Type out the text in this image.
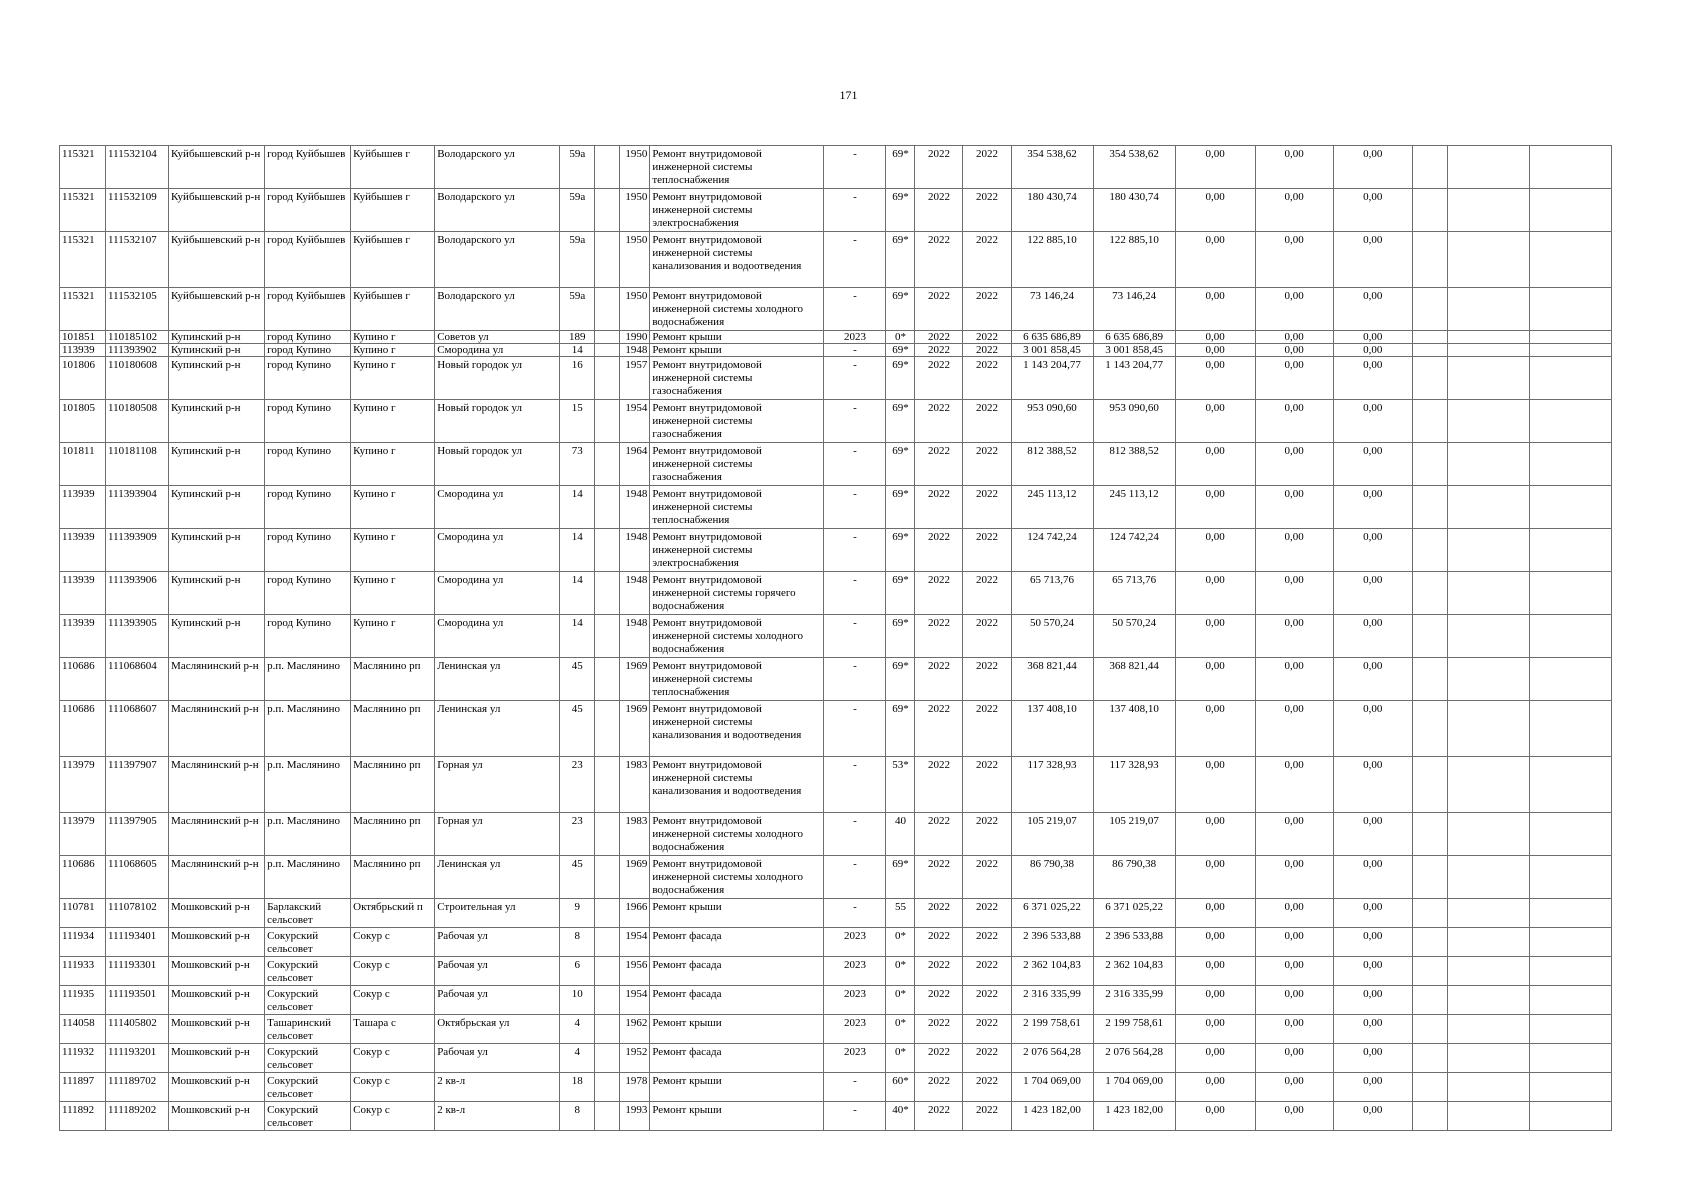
171
115321	111532104	Куйбышевский р-н	город Куйбышев	Куйбышев г	Володарского ул	59а		1950	Ремонт внутридомовой инженерной системы теплоснабжения	-	69*	2022	2022	354 538,62	354 538,62	0,00	0,00	0,00			
115321	111532109	Куйбышевский р-н	город Куйбышев	Куйбышев г	Володарского ул	59а		1950	Ремонт внутридомовой инженерной системы электроснабжения	-	69*	2022	2022	180 430,74	180 430,74	0,00	0,00	0,00			
115321	111532107	Куйбышевский р-н	город Куйбышев	Куйбышев г	Володарского ул	59а		1950	Ремонт внутридомовой инженерной системы канализования и водоотведения	-	69*	2022	2022	122 885,10	122 885,10	0,00	0,00	0,00			
115321	111532105	Куйбышевский р-н	город Куйбышев	Куйбышев г	Володарского ул	59а		1950	Ремонт внутридомовой инженерной системы холодного водоснабжения	-	69*	2022	2022	73 146,24	73 146,24	0,00	0,00	0,00			
101851	110185102	Купинский р-н	город Купино	Купино г	Советов ул	189		1990	Ремонт крыши	2023	0*	2022	2022	6 635 686,89	6 635 686,89	0,00	0,00	0,00			
113939	111393902	Купинский р-н	город Купино	Купино г	Смородина ул	14		1948	Ремонт крыши	-	69*	2022	2022	3 001 858,45	3 001 858,45	0,00	0,00	0,00			
101806	110180608	Купинский р-н	город Купино	Купино г	Новый городок ул	16		1957	Ремонт внутридомовой инженерной системы газоснабжения	-	69*	2022	2022	1 143 204,77	1 143 204,77	0,00	0,00	0,00			
101805	110180508	Купинский р-н	город Купино	Купино г	Новый городок ул	15		1954	Ремонт внутридомовой инженерной системы газоснабжения	-	69*	2022	2022	953 090,60	953 090,60	0,00	0,00	0,00			
101811	110181108	Купинский р-н	город Купино	Купино г	Новый городок ул	73		1964	Ремонт внутридомовой инженерной системы газоснабжения	-	69*	2022	2022	812 388,52	812 388,52	0,00	0,00	0,00			
113939	111393904	Купинский р-н	город Купино	Купино г	Смородина ул	14		1948	Ремонт внутридомовой инженерной системы теплоснабжения	-	69*	2022	2022	245 113,12	245 113,12	0,00	0,00	0,00			
113939	111393909	Купинский р-н	город Купино	Купино г	Смородина ул	14		1948	Ремонт внутридомовой инженерной системы электроснабжения	-	69*	2022	2022	124 742,24	124 742,24	0,00	0,00	0,00			
113939	111393906	Купинский р-н	город Купино	Купино г	Смородина ул	14		1948	Ремонт внутридомовой инженерной системы горячего водоснабжения	-	69*	2022	2022	65 713,76	65 713,76	0,00	0,00	0,00			
113939	111393905	Купинский р-н	город Купино	Купино г	Смородина ул	14		1948	Ремонт внутридомовой инженерной системы холодного водоснабжения	-	69*	2022	2022	50 570,24	50 570,24	0,00	0,00	0,00			
110686	111068604	Маслянинский р-н	р.п. Маслянино	Маслянино рп	Ленинская ул	45		1969	Ремонт внутридомовой инженерной системы теплоснабжения	-	69*	2022	2022	368 821,44	368 821,44	0,00	0,00	0,00			
110686	111068607	Маслянинский р-н	р.п. Маслянино	Маслянино рп	Ленинская ул	45		1969	Ремонт внутридомовой инженерной системы канализования и водоотведения	-	69*	2022	2022	137 408,10	137 408,10	0,00	0,00	0,00			
113979	111397907	Маслянинский р-н	р.п. Маслянино	Маслянино рп	Горная ул	23		1983	Ремонт внутридомовой инженерной системы канализования и водоотведения	-	53*	2022	2022	117 328,93	117 328,93	0,00	0,00	0,00			
113979	111397905	Маслянинский р-н	р.п. Маслянино	Маслянино рп	Горная ул	23		1983	Ремонт внутридомовой инженерной системы холодного водоснабжения	-	40	2022	2022	105 219,07	105 219,07	0,00	0,00	0,00			
110686	111068605	Маслянинский р-н	р.п. Маслянино	Маслянино рп	Ленинская ул	45		1969	Ремонт внутридомовой инженерной системы холодного водоснабжения	-	69*	2022	2022	86 790,38	86 790,38	0,00	0,00	0,00			
110781	111078102	Мошковский р-н	Барлакский сельсовет	Октябрьский п	Строительная ул	9		1966	Ремонт крыши	-	55	2022	2022	6 371 025,22	6 371 025,22	0,00	0,00	0,00			
111934	111193401	Мошковский р-н	Сокурский сельсовет	Сокур с	Рабочая ул	8		1954	Ремонт фасада	2023	0*	2022	2022	2 396 533,88	2 396 533,88	0,00	0,00	0,00			
111933	111193301	Мошковский р-н	Сокурский сельсовет	Сокур с	Рабочая ул	6		1956	Ремонт фасада	2023	0*	2022	2022	2 362 104,83	2 362 104,83	0,00	0,00	0,00			
111935	111193501	Мошковский р-н	Сокурский сельсовет	Сокур с	Рабочая ул	10		1954	Ремонт фасада	2023	0*	2022	2022	2 316 335,99	2 316 335,99	0,00	0,00	0,00			
114058	111405802	Мошковский р-н	Ташаринский сельсовет	Ташара с	Октябрьская ул	4		1962	Ремонт крыши	2023	0*	2022	2022	2 199 758,61	2 199 758,61	0,00	0,00	0,00			
111932	111193201	Мошковский р-н	Сокурский сельсовет	Сокур с	Рабочая ул	4		1952	Ремонт фасада	2023	0*	2022	2022	2 076 564,28	2 076 564,28	0,00	0,00	0,00			
111897	111189702	Мошковский р-н	Сокурский сельсовет	Сокур с	2 кв-л	18		1978	Ремонт крыши	-	60*	2022	2022	1 704 069,00	1 704 069,00	0,00	0,00	0,00			
111892	111189202	Мошковский р-н	Сокурский сельсовет	Сокур с	2 кв-л	8		1993	Ремонт крыши	-	40*	2022	2022	1 423 182,00	1 423 182,00	0,00	0,00	0,00			
